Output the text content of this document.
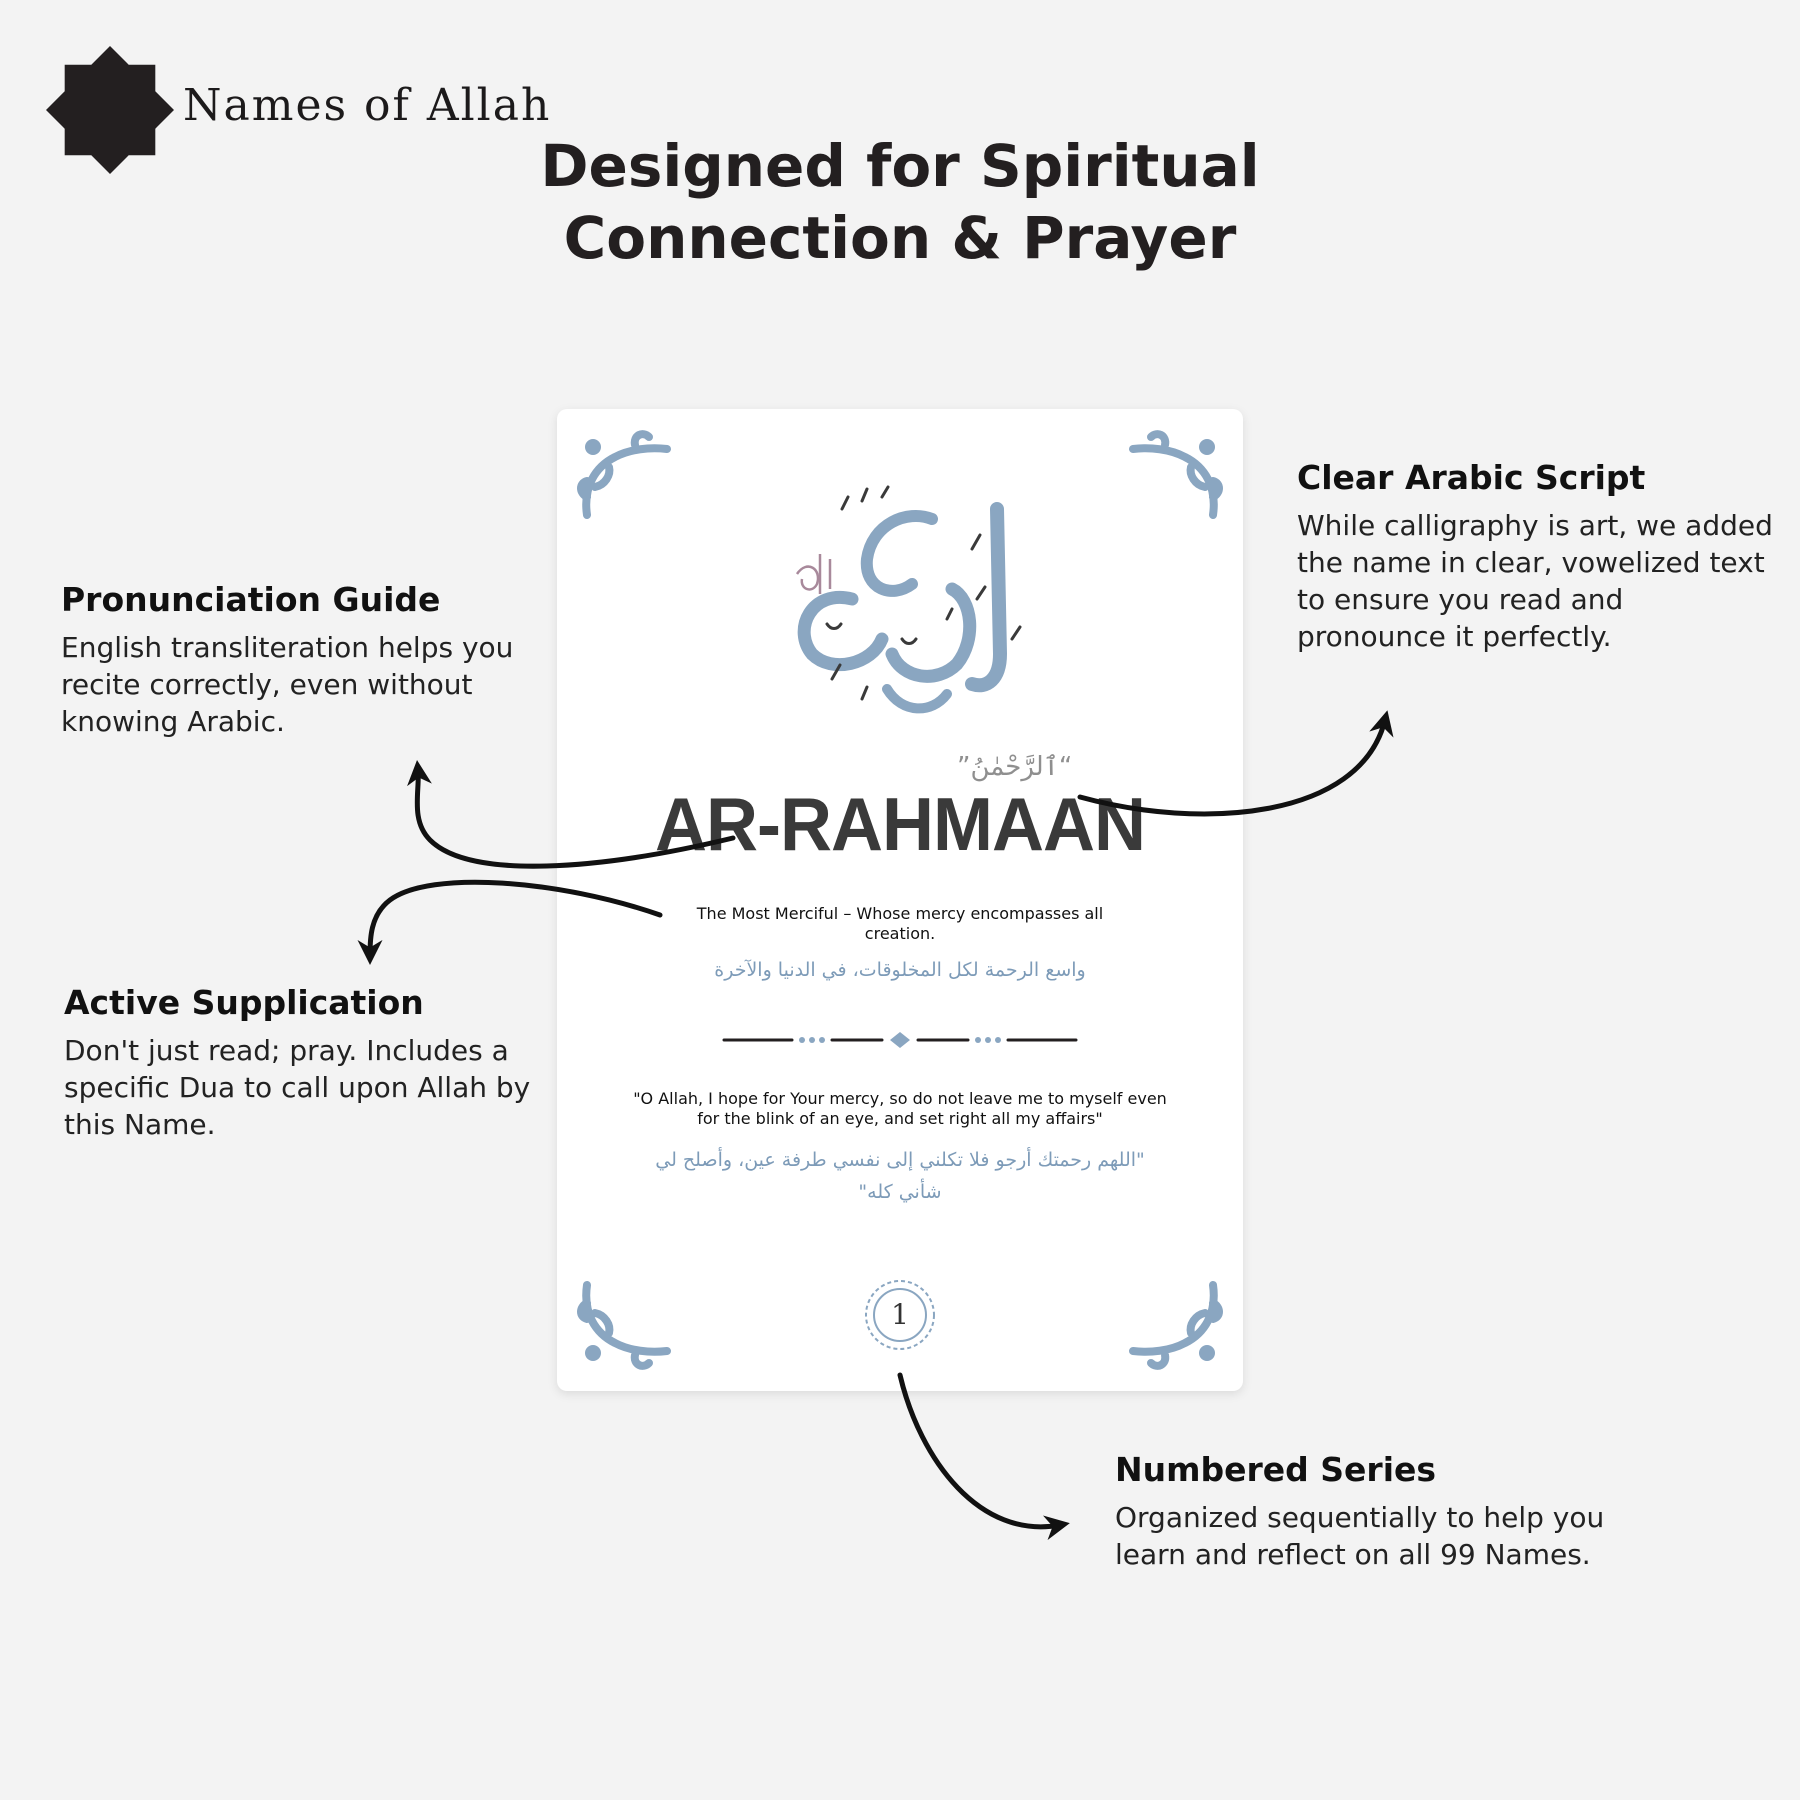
Names of Allah
Designed for Spiritual
Connection & Prayer
Pronunciation Guide

English transliteration helps you recite correctly, even without knowing Arabic.

Active Supplication

Don't just read; pray. Includes a specific Dua to call upon Allah by this Name.

Clear Arabic Script

While calligraphy is art, we added the name in clear, vowelized text to ensure you read and pronounce it perfectly.

Numbered Series

Organized sequentially to help you learn and reflect on all 99 Names.

“ٱلرَّحْمٰنُ”
AR-RAHMAAN
The Most Merciful – Whose mercy encompasses all creation.
واسع الرحمة لكل المخلوقات، في الدنيا والآخرة
"O Allah, I hope for Your mercy, so do not leave me to myself even for the blink of an eye, and set right all my affairs"
"اللهم رحمتك أرجو فلا تكلني إلى نفسي طرفة عين، وأصلح لي شأني كله"
1
